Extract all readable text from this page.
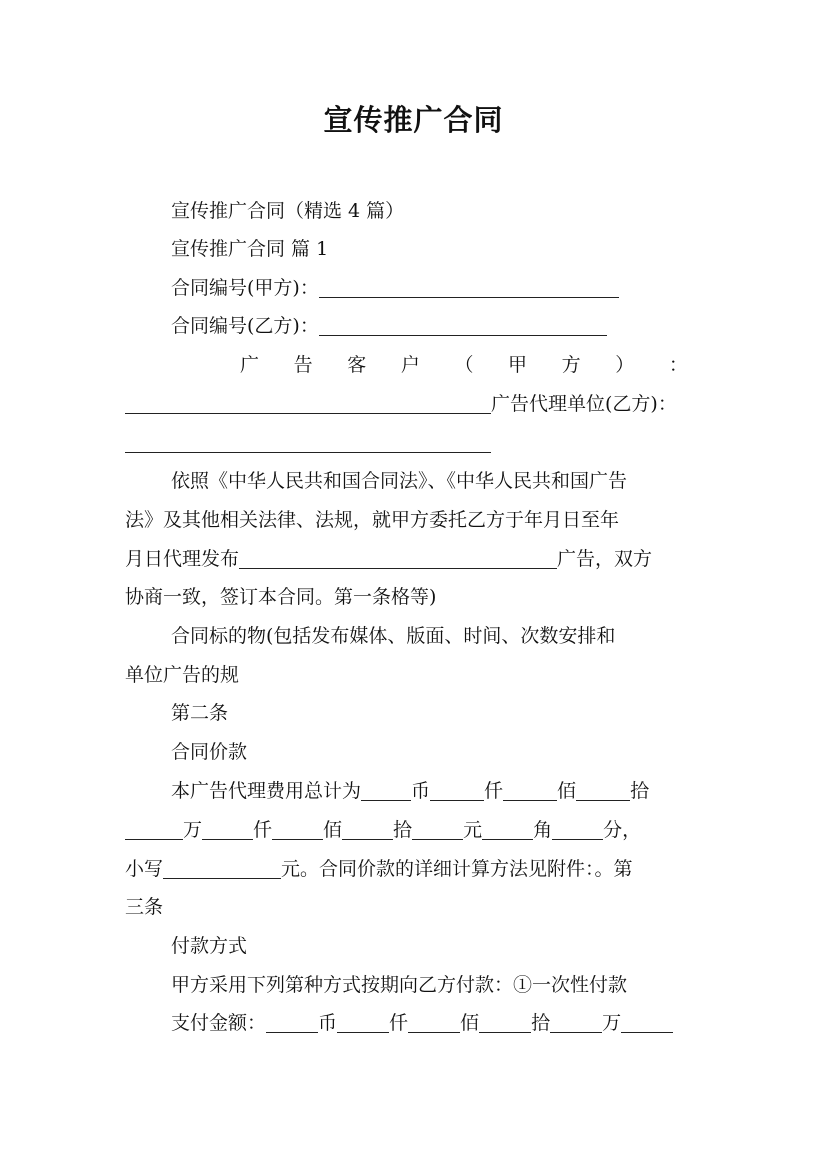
宣传推广合同
宣传推广合同（精选 4 篇）
宣传推广合同 篇 1
合同编号(甲方)：
合同编号(乙方)：
广 告 客 户 （ 甲 方 ） ：
广告代理单位(乙方)：
依照《中华人民共和国合同法》、《中华人民共和国广告
法》及其他相关法律、法规，就甲方委托乙方于年月日至年
月日代理发布	广告，双方
协商一致，签订本合同。第一条格等)
合同标的物(包括发布媒体、版面、时间、次数安排和
单位广告的规
第二条
合同价款
本广告代理费用总计为	币	仟	佰	拾
万	仟	佰	拾	元	角	分，
小写	元。合同价款的详细计算方法见附件：。第
三条
付款方式
甲方采用下列第种方式按期向乙方付款：①一次性付款
支付金额：	币	仟	佰	拾	万
